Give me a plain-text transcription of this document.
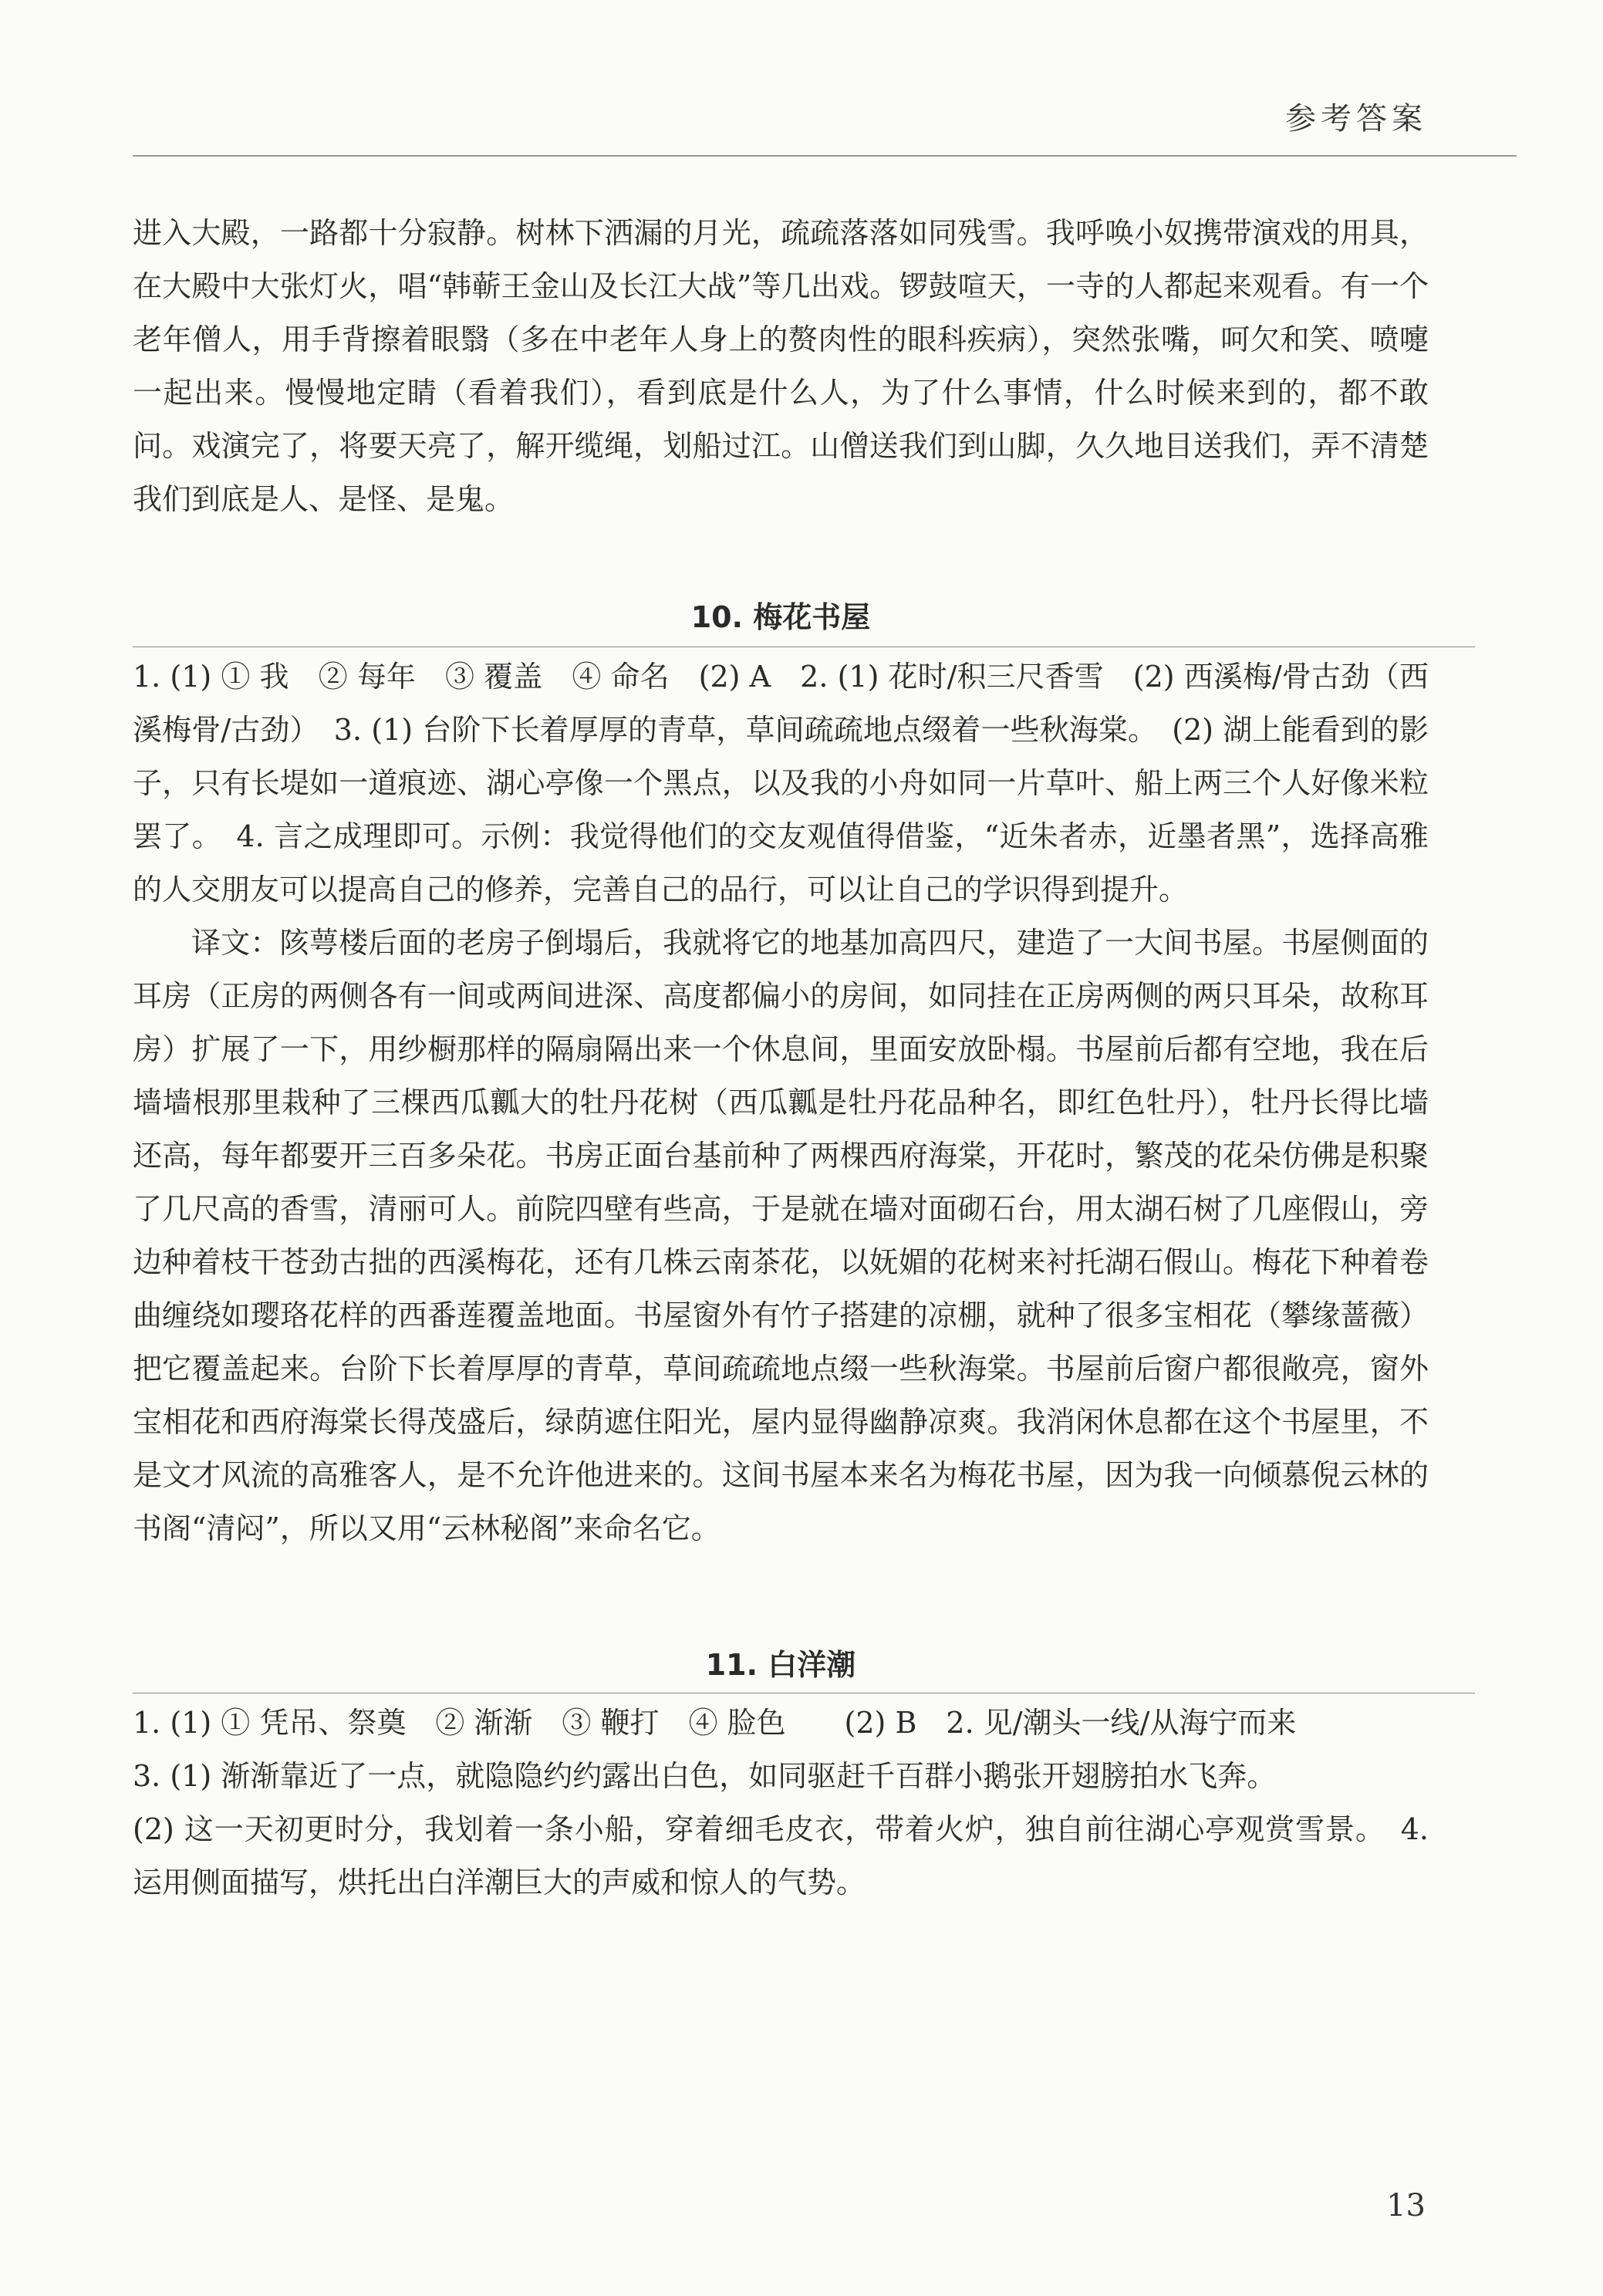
参考答案

进入大殿，一路都十分寂静。树林下洒漏的月光，疏疏落落如同残雪。我呼唤小奴携带演戏的用具，在大殿中大张灯火，唱“韩蕲王金山及长江大战”等几出戏。锣鼓喧天，一寺的人都起来观看。有一个老年僧人，用手背擦着眼翳（多在中老年人身上的赘肉性的眼科疾病），突然张嘴，呵欠和笑、喷嚏一起出来。慢慢地定睛（看着我们），看到底是什么人，为了什么事情，什么时候来到的，都不敢问。戏演完了，将要天亮了，解开缆绳，划船过江。山僧送我们到山脚，久久地目送我们，弄不清楚我们到底是人、是怪、是鬼。

10. 梅花书屋

1. (1) ① 我　② 每年　③ 覆盖　④ 命名　(2) A　2. (1) 花时/积三尺香雪　(2) 西溪梅/骨古劲（西溪梅骨/古劲）　3. (1) 台阶下长着厚厚的青草，草间疏疏地点缀着一些秋海棠。　(2) 湖上能看到的影子，只有长堤如一道痕迹、湖心亭像一个黑点，以及我的小舟如同一片草叶、船上两三个人好像米粒罢了。　4. 言之成理即可。示例：我觉得他们的交友观值得借鉴，“近朱者赤，近墨者黑”，选择高雅的人交朋友可以提高自己的修养，完善自己的品行，可以让自己的学识得到提升。

译文：陔萼楼后面的老房子倒塌后，我就将它的地基加高四尺，建造了一大间书屋。书屋侧面的耳房（正房的两侧各有一间或两间进深、高度都偏小的房间，如同挂在正房两侧的两只耳朵，故称耳房）扩展了一下，用纱橱那样的隔扇隔出来一个休息间，里面安放卧榻。书屋前后都有空地，我在后墙墙根那里栽种了三棵西瓜瓤大的牡丹花树（西瓜瓤是牡丹花品种名，即红色牡丹），牡丹长得比墙还高，每年都要开三百多朵花。书房正面台基前种了两棵西府海棠，开花时，繁茂的花朵仿佛是积聚了几尺高的香雪，清丽可人。前院四壁有些高，于是就在墙对面砌石台，用太湖石树了几座假山，旁边种着枝干苍劲古拙的西溪梅花，还有几株云南茶花，以妩媚的花树来衬托湖石假山。梅花下种着卷曲缠绕如璎珞花样的西番莲覆盖地面。书屋窗外有竹子搭建的凉棚，就种了很多宝相花（攀缘蔷薇）把它覆盖起来。台阶下长着厚厚的青草，草间疏疏地点缀一些秋海棠。书屋前后窗户都很敞亮，窗外宝相花和西府海棠长得茂盛后，绿荫遮住阳光，屋内显得幽静凉爽。我消闲休息都在这个书屋里，不是文才风流的高雅客人，是不允许他进来的。这间书屋本来名为梅花书屋，因为我一向倾慕倪云林的书阁“清闷”，所以又用“云林秘阁”来命名它。

11. 白洋潮

1. (1) ① 凭吊、祭奠　② 渐渐　③ 鞭打　④ 脸色　　(2) B　2. 见/潮头一线/从海宁而来

3. (1) 渐渐靠近了一点，就隐隐约约露出白色，如同驱赶千百群小鹅张开翅膀拍水飞奔。

(2) 这一天初更时分，我划着一条小船，穿着细毛皮衣，带着火炉，独自前往湖心亭观赏雪景。　4. 运用侧面描写，烘托出白洋潮巨大的声威和惊人的气势。

13
